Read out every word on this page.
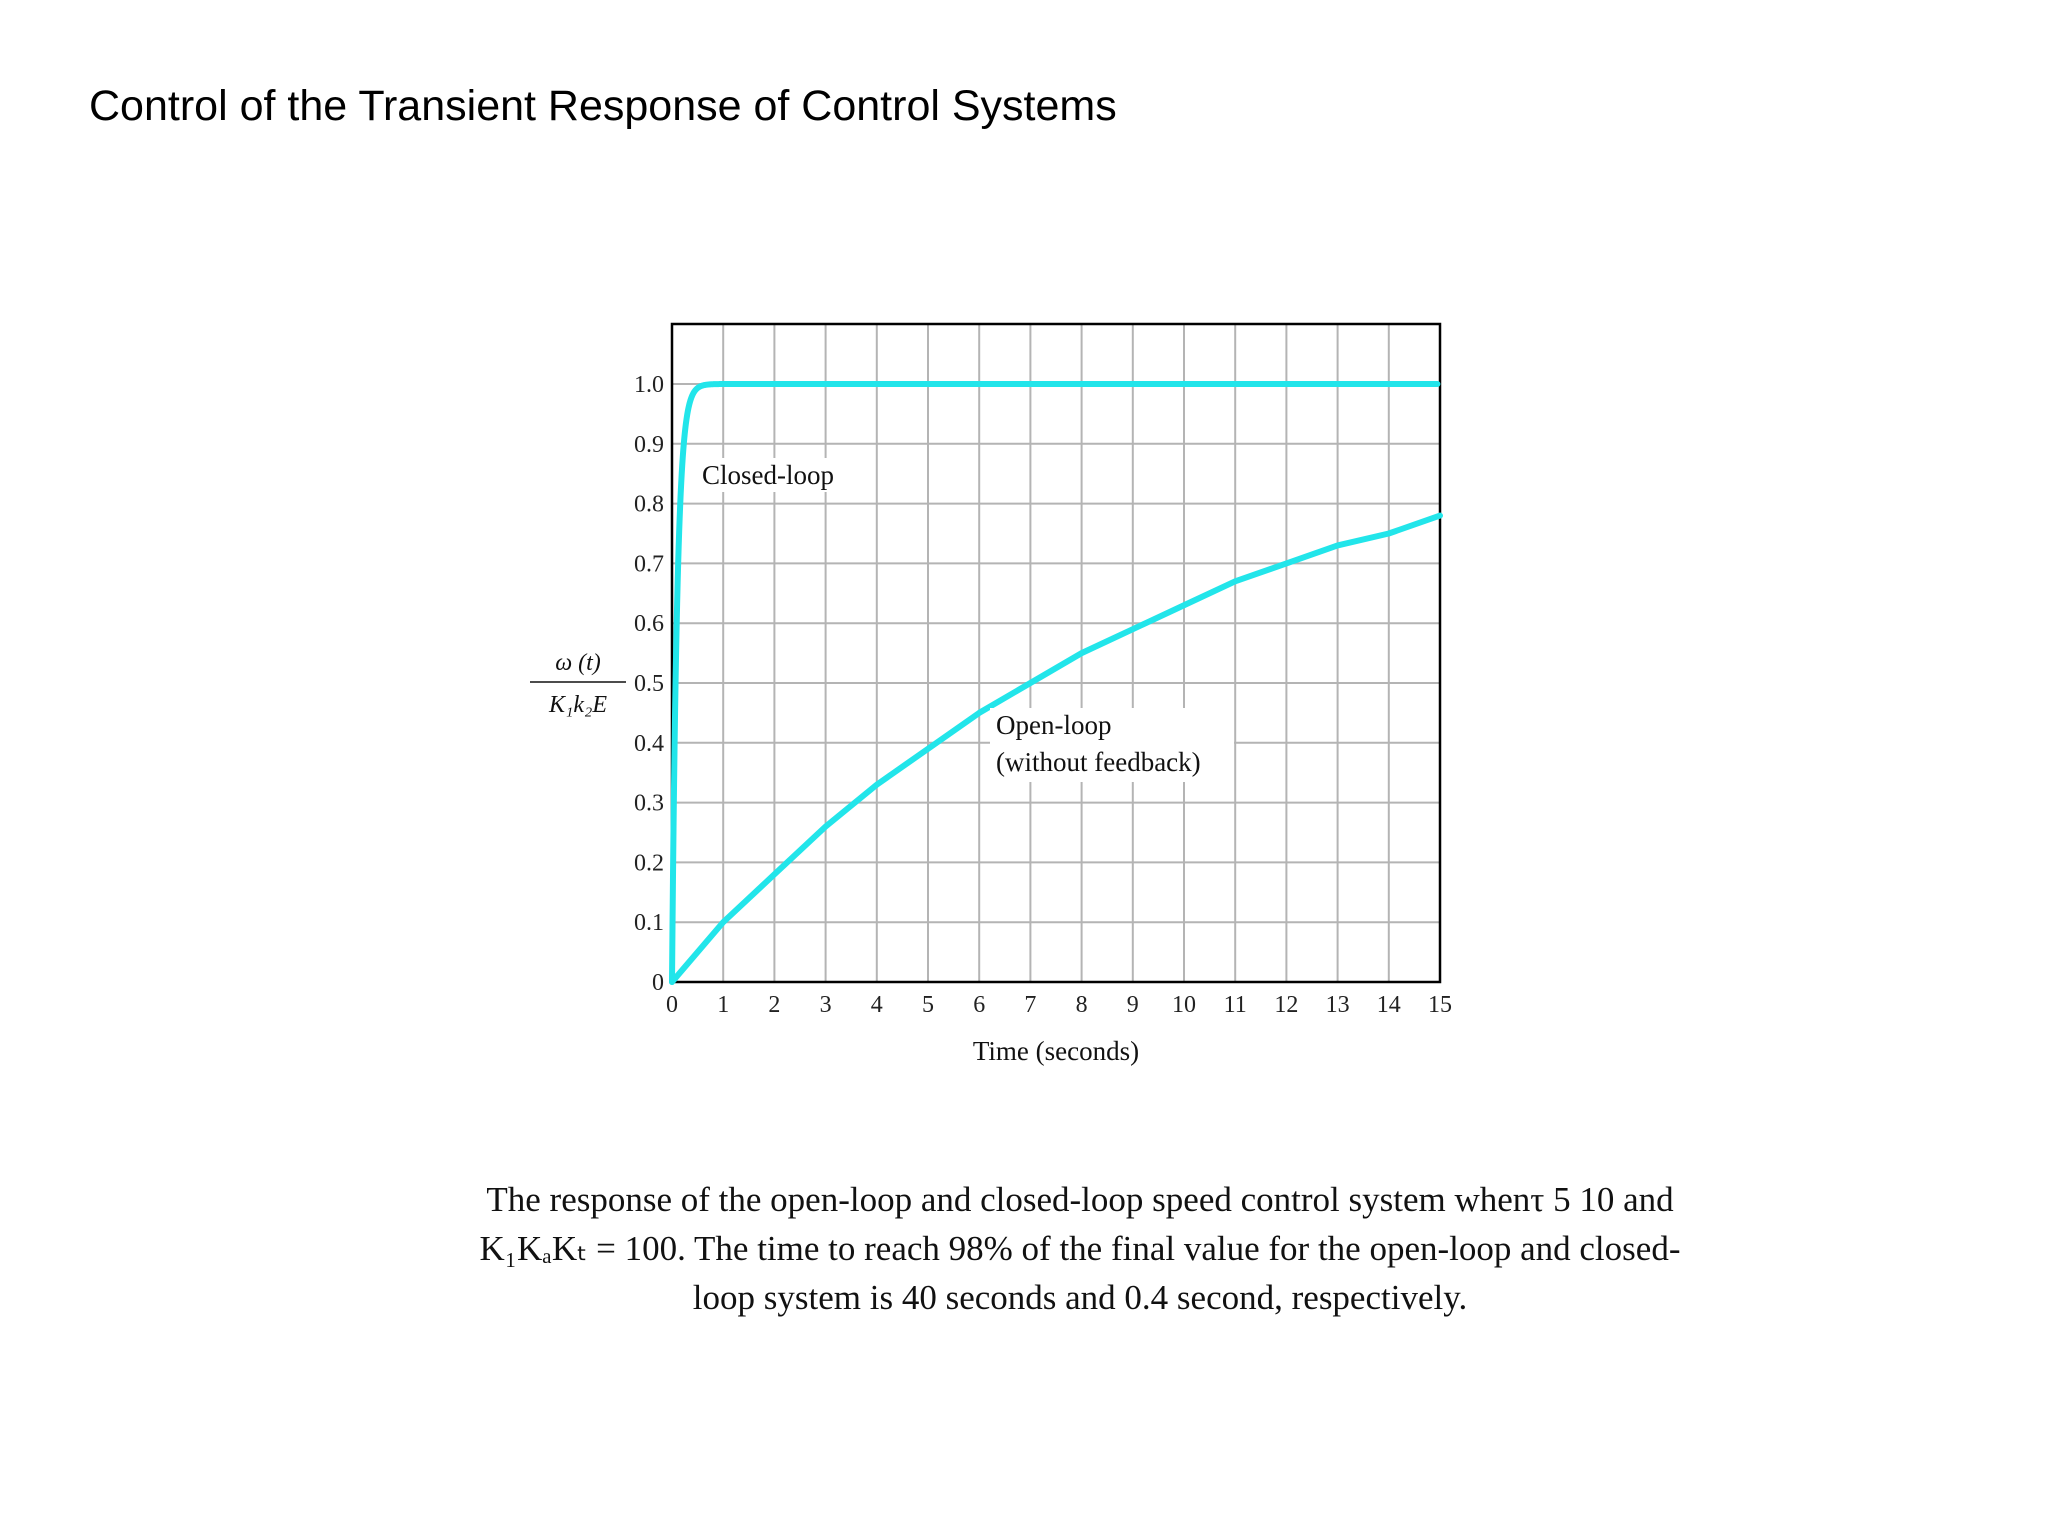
Control of the Transient Response of Control Systems
0
0.1
0.2
0.3
0.4
0.5
0.6
0.7
0.8
0.9
1.0
0 1 2 3 4 5 6 7 8 9 10 11 12 13 14 15
Time (seconds)
ω (t)
K₁k₂E
Closed-loop
Open-loop
(without feedback)
The response of the open-loop and closed-loop speed control system whenτ 5 10 and
K₁KₐKₜ = 100. The time to reach 98% of the final value for the open-loop and closed-
loop system is 40 seconds and 0.4 second, respectively.
